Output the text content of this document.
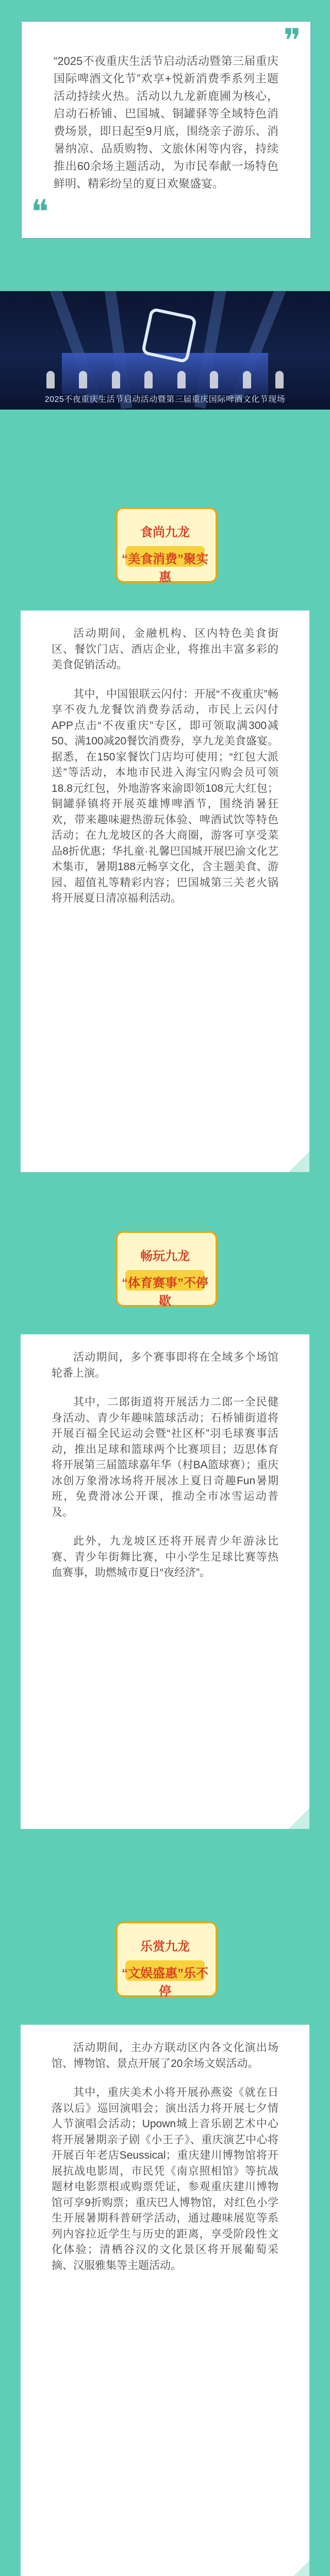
❞

“2025不夜重庆生活节启动活动暨第三届重庆国际啤酒文化节”欢享+悦新消费季系列主题活动持续火热。活动以九龙新鹿圃为核心，启动石桥铺、巴国城、铜罐驿等全域特色消费场景，即日起至9月底，围绕亲子游乐、消暑纳凉、品质购物、文旅休闲等内容，持续推出60余场主题活动，为市民奉献一场特色鲜明、精彩纷呈的夏日欢聚盛宴。

❝
2025不夜重庆生活节启动活动暨第三届重庆国际啤酒文化节现场
食尚九龙
“美食消费”聚实惠

活动期间，金融机构、区内特色美食街区、餐饮门店、酒店企业，将推出丰富多彩的美食促销活动。

其中，中国银联云闪付：开展“不夜重庆”畅享不夜九龙餐饮消费券活动，市民上云闪付APP点击“不夜重庆”专区，即可领取满300减50、满100减20餐饮消费券，享九龙美食盛宴。据悉，在150家餐饮门店均可使用；“红包大派送”等活动，本地市民进入海宝闪购会员可领18.8元红包，外地游客来渝即领108元大红包；铜罐驿镇将开展英雄博啤酒节，围绕消暑狂欢，带来趣味避热游玩体验、啤酒试饮等特色活动；在九龙坡区的各大商圈，游客可享受菜品8折优惠；华扎童·礼馨巴国城开展巴渝文化艺术集市，暑期188元畅享文化，含主题美食、游园、超值礼等精彩内容；巴国城第三关老火锅将开展夏日清凉福利活动。

畅玩九龙
“体育赛事”不停歇

活动期间，多个赛事即将在全域多个场馆轮番上演。

其中，二郎街道将开展活力二郎一全民健身活动、青少年趣味篮球活动；石桥铺街道将开展百福全民运动会暨“社区杯”羽毛球赛事活动，推出足球和篮球两个比赛项目；迈思体育将开展第三届篮球嘉年华（村BA篮球赛）；重庆冰创万象滑冰场将开展冰上夏日奇趣Fun暑期班，免费滑冰公开课，推动全市冰雪运动普及。

此外，九龙坡区还将开展青少年游泳比赛、青少年街舞比赛，中小学生足球比赛等热血赛事，助燃城市夏日“夜经济”。

乐赏九龙
“文娱盛惠”乐不停

活动期间，主办方联动区内各文化演出场馆、博物馆、景点开展了20余场文娱活动。

其中，重庆美术小将开展孙燕姿《就在日落以后》巡回演唱会；演出活力将开展七夕情人节演唱会活动；Upown城上音乐剧艺术中心将开展暑期亲子剧《小王子》、重庆演艺中心将开展百年老店Seussical；重庆建川博物馆将开展抗战电影周，市民凭《南京照相馆》等抗战题材电影票根或购票凭证，参观重庆建川博物馆可享9折购票；重庆巴人博物馆，对红色小学生开展暑期科普研学活动，通过趣味展览等系列内容拉近学生与历史的距离，享受阶段性文化体验；清栖谷汉的文化景区将开展葡萄采摘、汉服雅集等主题活动。
